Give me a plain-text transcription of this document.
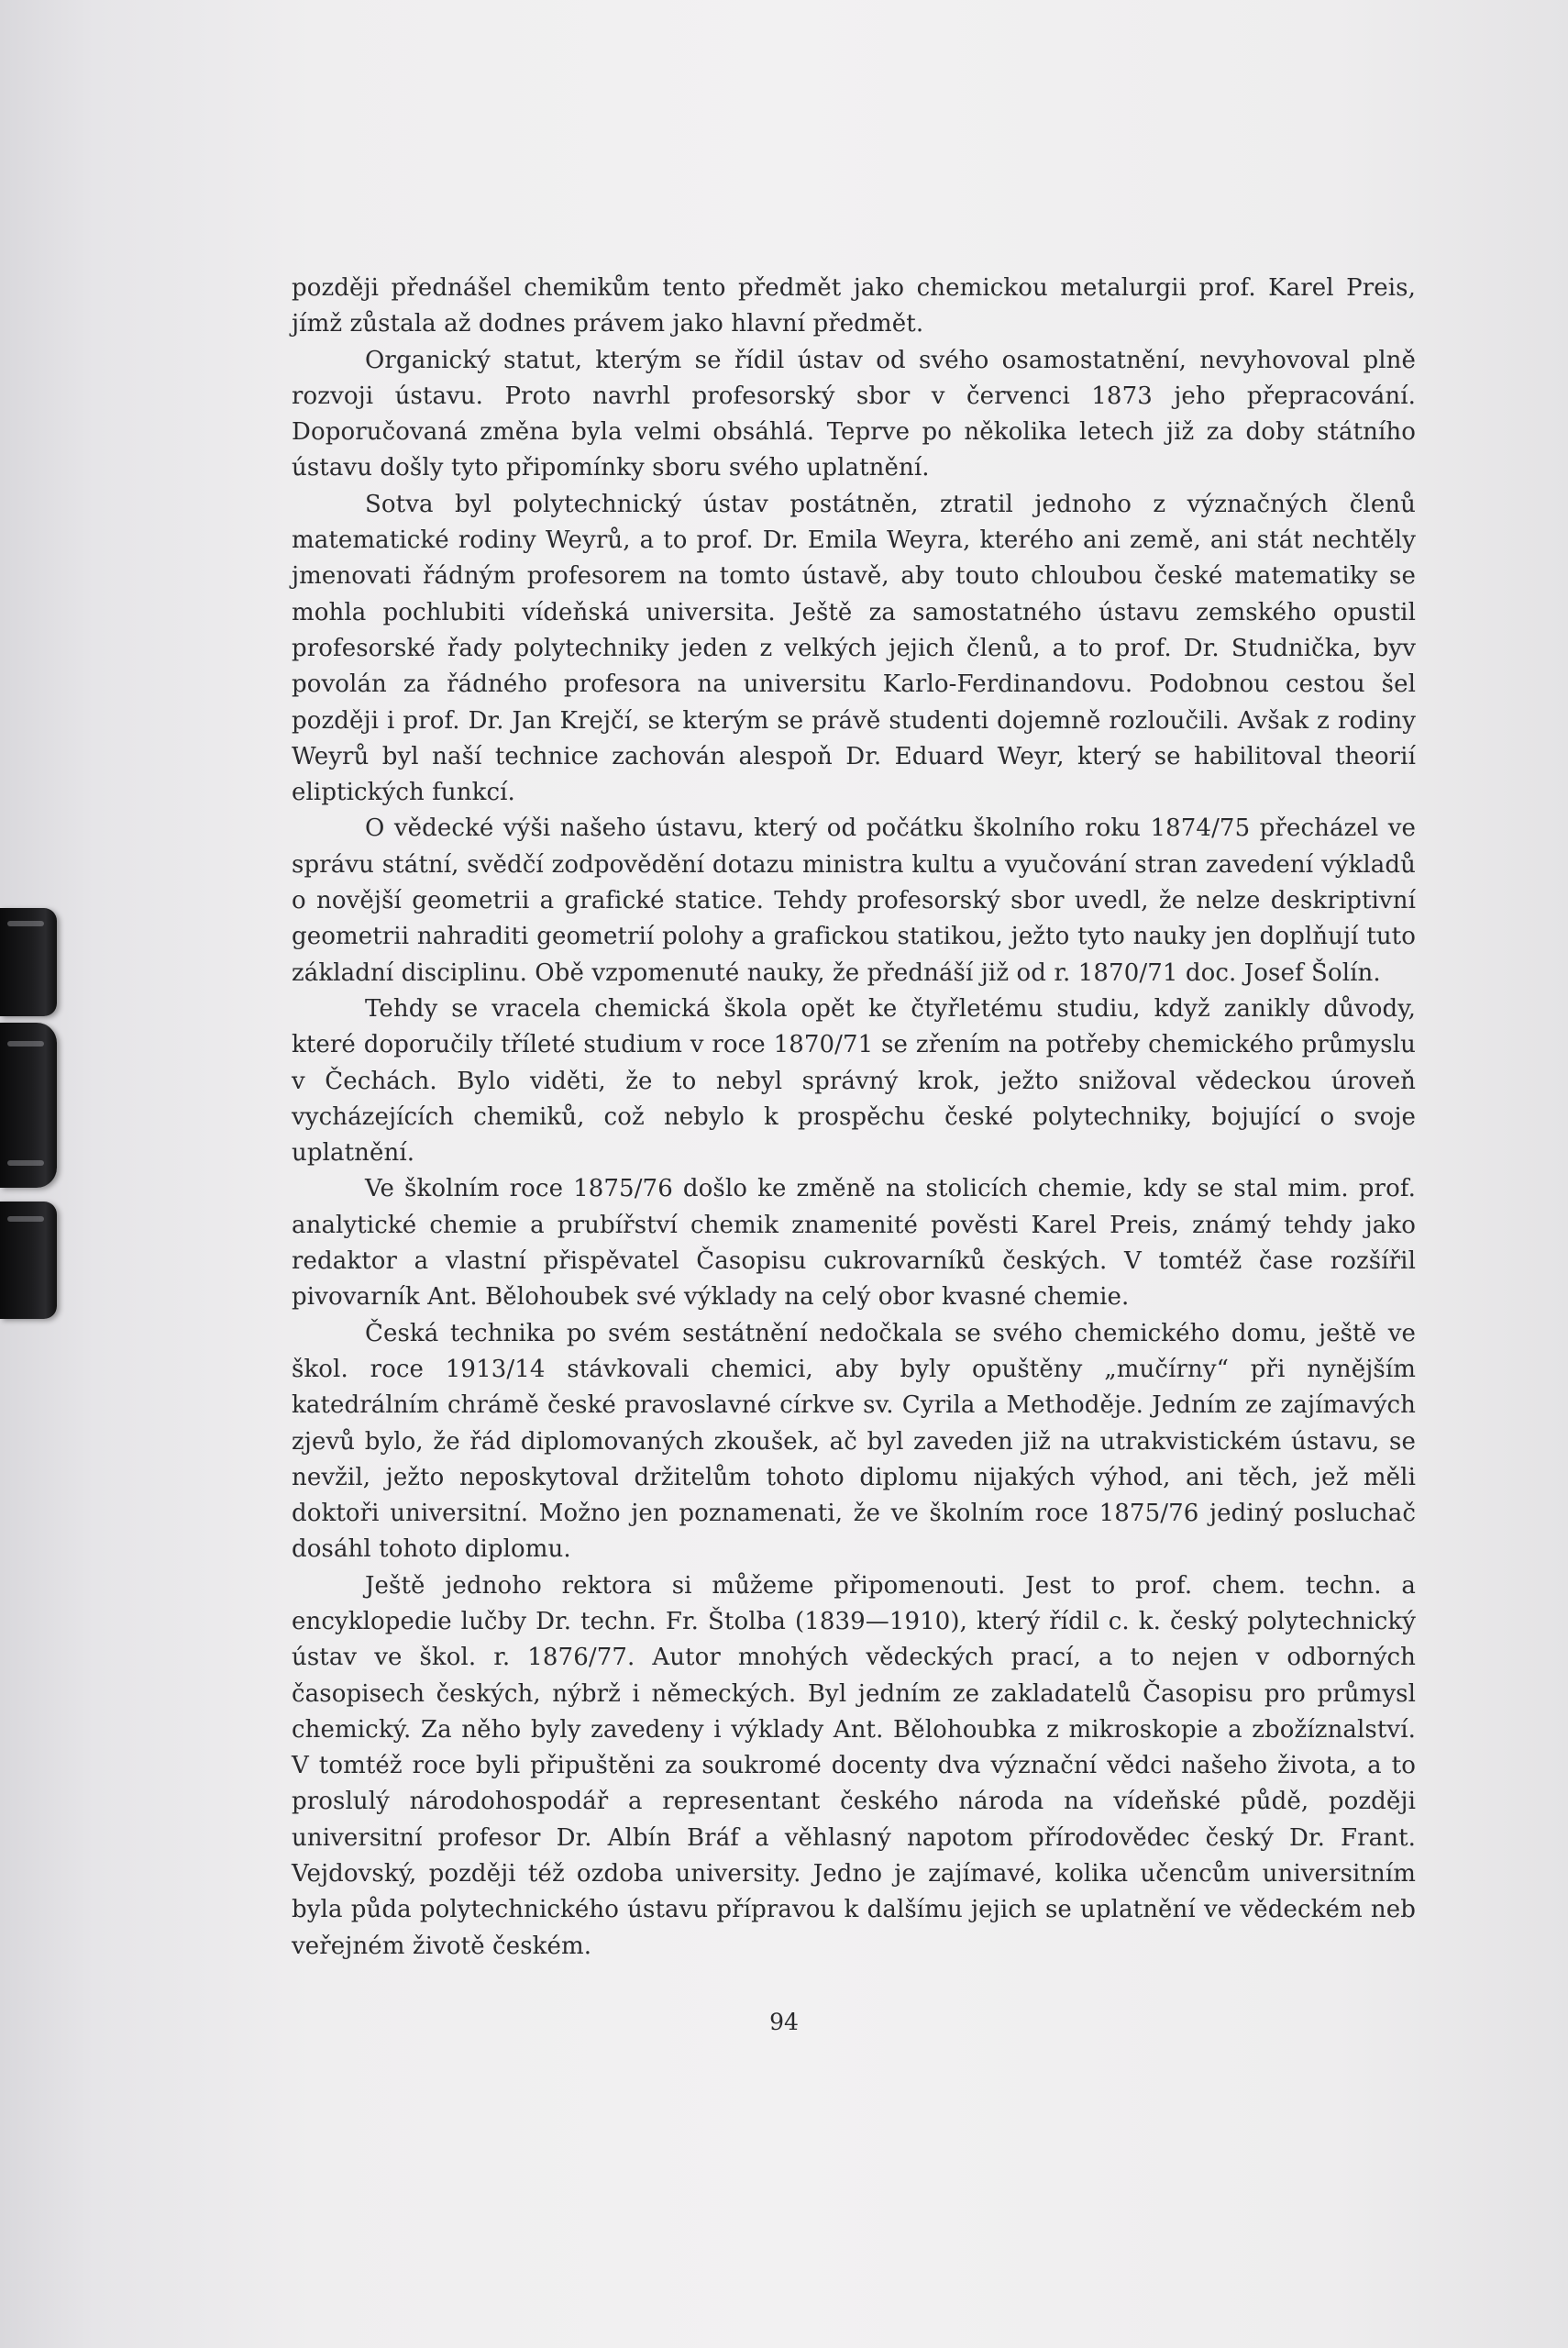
později přednášel chemikům tento předmět jako chemickou metalurgii prof. Karel Preis, jímž zůstala až dodnes právem jako hlavní předmět.

Organický statut, kterým se řídil ústav od svého osamostatnění, nevyhovoval plně rozvoji ústavu. Proto navrhl profesorský sbor v červenci 1873 jeho přepracování. Doporučovaná změna byla velmi obsáhlá. Teprve po několika letech již za doby státního ústavu došly tyto připomínky sboru svého uplatnění.

Sotva byl polytechnický ústav postátněn, ztratil jednoho z význačných členů matematické rodiny Weyrů, a to prof. Dr. Emila Weyra, kterého ani země, ani stát nechtěly jmenovati řádným profesorem na tomto ústavě, aby touto chloubou české matematiky se mohla pochlubiti vídeňská universita. Ještě za samostatného ústavu zemského opustil profesorské řady polytechniky jeden z velkých jejich členů, a to prof. Dr. Studnička, byv povolán za řádného profesora na universitu Karlo-Ferdinandovu. Podobnou cestou šel později i prof. Dr. Jan Krejčí, se kterým se právě studenti dojemně rozloučili. Avšak z rodiny Weyrů byl naší technice zachován alespoň Dr. Eduard Weyr, který se habilitoval theorií eliptických funkcí.

O vědecké výši našeho ústavu, který od počátku školního roku 1874/75 přecházel ve správu státní, svědčí zodpovědění dotazu ministra kultu a vyučování stran zavedení výkladů o novější geometrii a grafické statice. Tehdy profesorský sbor uvedl, že nelze deskriptivní geometrii nahraditi geometrií polohy a grafickou statikou, ježto tyto nauky jen doplňují tuto základní disciplinu. Obě vzpomenuté nauky, že přednáší již od r. 1870/71 doc. Josef Šolín.

Tehdy se vracela chemická škola opět ke čtyřletému studiu, když zanikly důvody, které doporučily tříleté studium v roce 1870/71 se zřením na potřeby chemického průmyslu v Čechách. Bylo viděti, že to nebyl správný krok, ježto snižoval vědeckou úroveň vycházejících chemiků, což nebylo k prospěchu české polytechniky, bojující o svoje uplatnění.

Ve školním roce 1875/76 došlo ke změně na stolicích chemie, kdy se stal mim. prof. analytické chemie a prubířství chemik znamenité pověsti Karel Preis, známý tehdy jako redaktor a vlastní přispěvatel Časopisu cukrovarníků českých. V tomtéž čase rozšířil pivovarník Ant. Bělohoubek své výklady na celý obor kvasné chemie.

Česká technika po svém sestátnění nedočkala se svého chemického domu, ještě ve škol. roce 1913/14 stávkovali chemici, aby byly opuštěny „mučírny“ při nynějším katedrálním chrámě české pravoslavné církve sv. Cyrila a Methoděje. Jedním ze zajímavých zjevů bylo, že řád diplomovaných zkoušek, ač byl zaveden již na utrakvistickém ústavu, se nevžil, ježto neposkytoval držitelům tohoto diplomu nijakých výhod, ani těch, jež měli doktoři universitní. Možno jen poznamenati, že ve školním roce 1875/76 jediný posluchač dosáhl tohoto diplomu.

Ještě jednoho rektora si můžeme připomenouti. Jest to prof. chem. techn. a encyklopedie lučby Dr. techn. Fr. Štolba (1839—1910), který řídil c. k. český polytechnický ústav ve škol. r. 1876/77. Autor mnohých vědeckých prací, a to nejen v odborných časopisech českých, nýbrž i německých. Byl jedním ze zakladatelů Časopisu pro průmysl chemický. Za něho byly zavedeny i výklady Ant. Bělohoubka z mikroskopie a zbožíznalství. V tomtéž roce byli připuštěni za soukromé docenty dva význační vědci našeho života, a to proslulý národohospodář a representant českého národa na vídeňské půdě, později universitní profesor Dr. Albín Bráf a věhlasný napotom přírodovědec český Dr. Frant. Vejdovský, později též ozdoba university. Jedno je zajímavé, kolika učencům universitním byla půda polytechnického ústavu přípravou k dalšímu jejich se uplatnění ve vědeckém neb veřejném životě českém.

94
